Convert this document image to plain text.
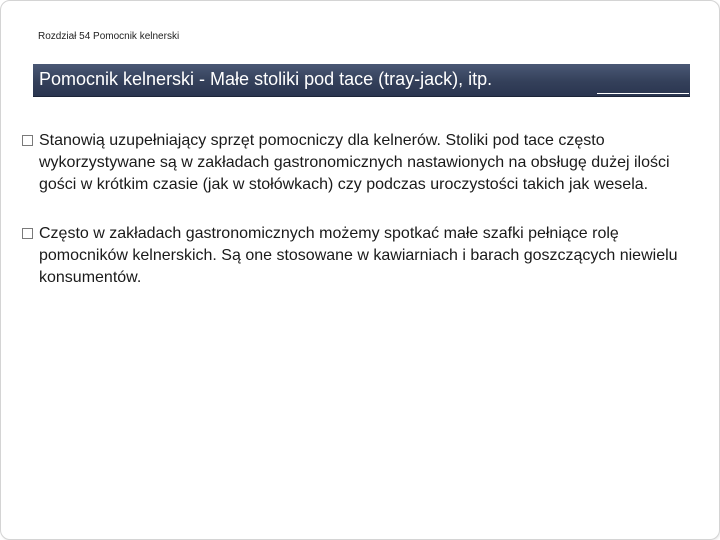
Rozdział 54 Pomocnik kelnerski
Pomocnik kelnerski - Małe stoliki pod tace (tray-jack), itp.
Stanowią uzupełniający sprzęt pomocniczy dla kelnerów. Stoliki pod tace często wykorzystywane są w zakładach gastronomicznych nastawionych na obsługę dużej ilości gości w krótkim czasie (jak w stołówkach) czy podczas uroczystości takich jak wesela.
Często w zakładach gastronomicznych możemy spotkać małe szafki pełniące rolę pomocników kelnerskich. Są one stosowane w kawiarniach i barach goszczących niewielu konsumentów.
